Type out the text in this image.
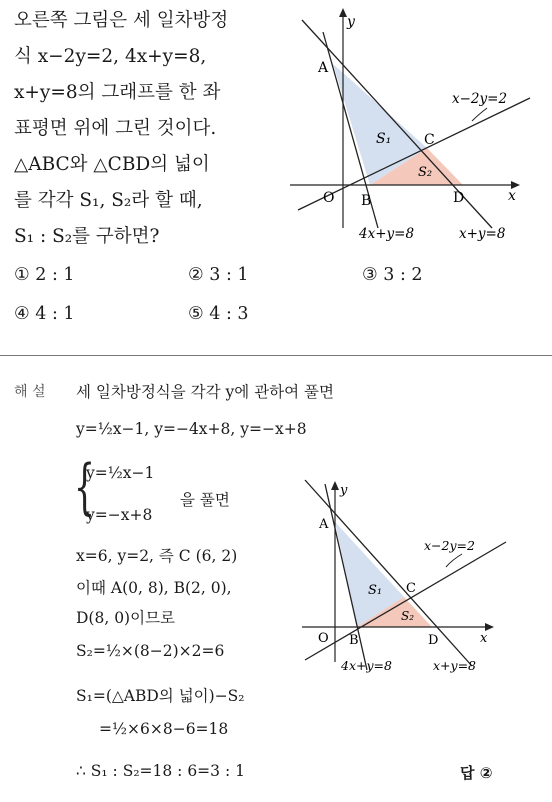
오른쪽 그림은 세 일차방정
식 x−2y=2, 4x+y=8,
x+y=8의 그래프를 한 좌
표평면 위에 그린 것이다.
△ABC와 △CBD의 넓이
를 각각 S₁, S₂라 할 때,
S₁ : S₂를 구하면?
① 2 : 1	② 3 : 1	③ 3 : 2
④ 4 : 1	⑤ 4 : 3
y
x
O
A
B
C
D
S₁
S₂
x−2y=2
4x+y=8	x+y=8
해 설 세 일차방정식을 각각 y에 관하여 풀면
y=½x−1, y=−4x+8, y=−x+8
{
y=½x−1
y=−x+8
을 풀면
x=6, y=2, 즉 C (6, 2)
이때 A(0, 8), B(2, 0),
D(8, 0)이므로
S₂=½×(8−2)×2=6
S₁=(△ABD의 넓이)−S₂
=½×6×8−6=18
∴ S₁ : S₂=18 : 6=3 : 1	답 ②
y
x
O
A
B
C
D
S₁
S₂
x−2y=2
4x+y=8	x+y=8
